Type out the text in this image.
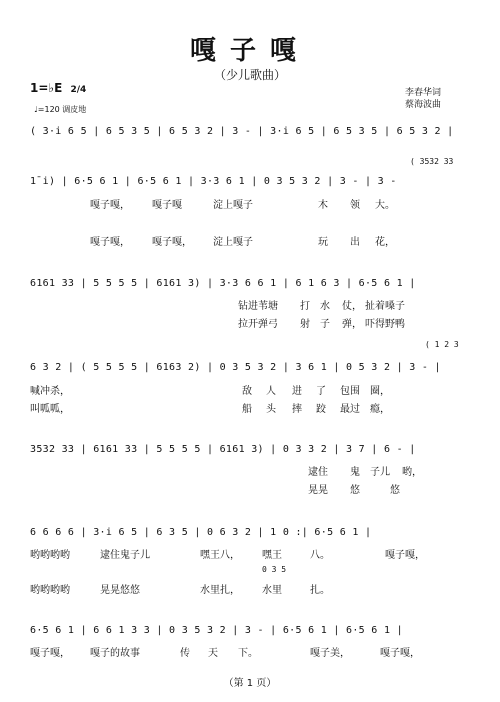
嘎子嘎
（少儿歌曲）
1=♭E 2/4
♩=120 调皮地
李春华词
蔡海波曲
( 3·i 6 5 | 6 5 3 5 | 6 5 3 2 | 3 - | 3·i 6 5 | 6 5 3 5 | 6 5 3 2 |
( 3532 33
1̄ i) | 6·5 6 1 | 6·5 6 1 | 3·3 6 1 | 0 3 5 3 2 | 3 - | 3 -
嘎子嘎， 嘎子嘎	淀上嘎子	木 领 大。
嘎子嘎， 嘎子嘎， 淀上嘎子	玩 出 花，
6161 33 | 5 5 5 5 | 6161 3) | 3·3 6 6 1 | 6 1 6 3 | 6·5 6 1 |
钻进苇塘 打 水 仗， 扯着嗓子
拉开弹弓 射 子 弹， 吓得野鸭
( 1 2 3
6 3 2 | ( 5 5 5 5 | 6163 2) | 0 3 5 3 2 | 3 6 1 | 0 5 3 2 | 3 - |
喊冲杀，	敌 人 进 了 包围 圈，
叫呱呱，	船 头 摔 跤 最过 瘾，
3532 33 | 6161 33 | 5 5 5 5 | 6161 3) | 0 3 3 2 | 3 7 | 6 - |
逮住 鬼 子儿 哟，
晃晃 悠	悠
6 6 6 6 | 3·i 6 5 | 6 3 5 | 0 6 3 2 | 1 0 :| 6·5 6 1 |
哟哟哟哟	逮住鬼子儿	嘿王八， 嘿王	八。	嘎子嘎，
0 3 5
哟哟哟哟	晃晃悠悠	水里扎， 水里	扎。
6·5 6 1 | 6 6 1 3 3 | 0 3 5 3 2 | 3 - | 6·5 6 1 | 6·5 6 1 |
嘎子嘎， 嘎子的故事	传 天 下。	嘎子美，	嘎子嘎，
（第 1 页）
